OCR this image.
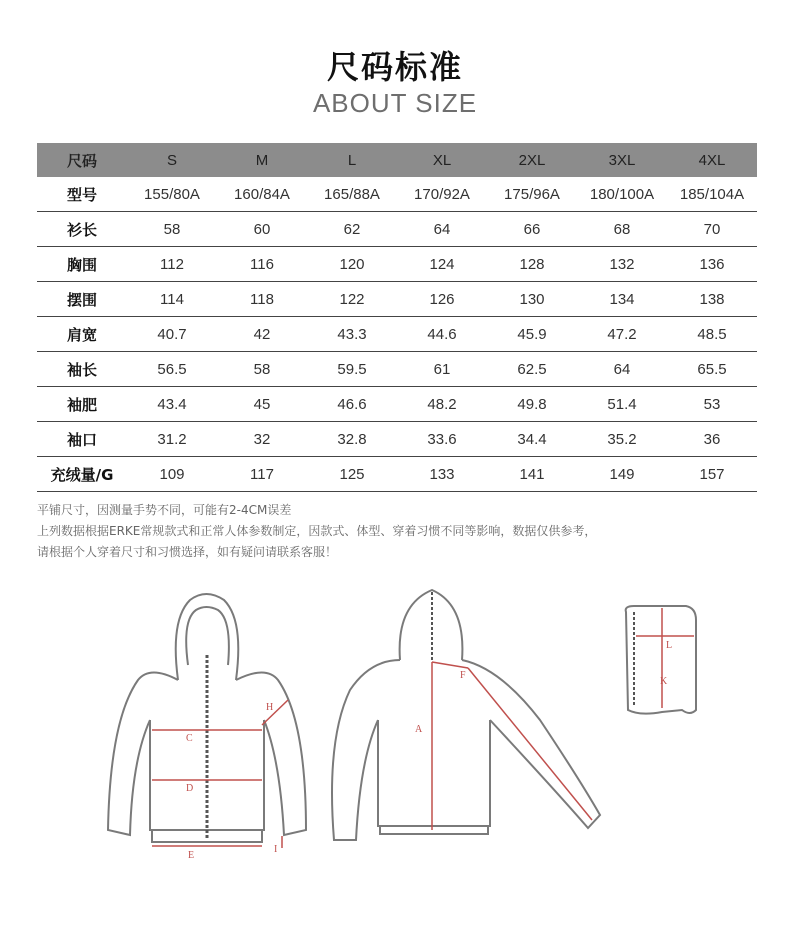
尺码标准
ABOUT SIZE
尺码	S	M	L	XL	2XL	3XL	4XL
型号	155/80A	160/84A	165/88A	170/92A	175/96A	180/100A	185/104A
衫长	58	60	62	64	66	68	70
胸围	112	116	120	124	128	132	136
摆围	114	118	122	126	130	134	138
肩宽	40.7	42	43.3	44.6	45.9	47.2	48.5
袖长	56.5	58	59.5	61	62.5	64	65.5
袖肥	43.4	45	46.6	48.2	49.8	51.4	53
袖口	31.2	32	32.8	33.6	34.4	35.2	36
充绒量/G	109	117	125	133	141	149	157
平铺尺寸，因测量手势不同，可能有2-4CM误差
上列数据根据ERKE常规款式和正常人体参数制定，因款式、体型、穿着习惯不同等影响，数据仅供参考，
请根据个人穿着尺寸和习惯选择，如有疑问请联系客服！
C
D
E
H
I
A
F
L
K
